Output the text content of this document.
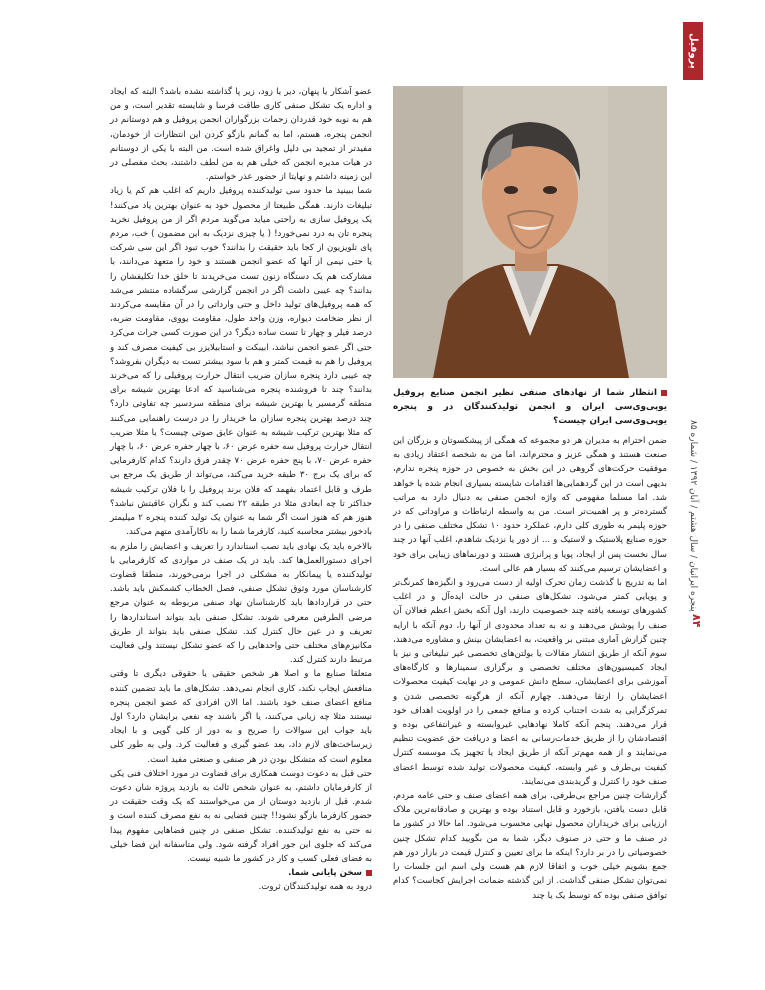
پروفیل
پنجره ایرانیان / سال هشتم / آبان ۱۳۹۲ / شماره ۸۵
۸۴

انتظار شما از نهادهای صنفی نظیر انجمن صنایع پروفیل یوپی‌وی‌سی ایران و انجمن تولیدکنندگان در و پنجره یوپی‌وی‌سی ایران چیست؟

ضمن احترام به مدیران هر دو مجموعه که همگی از پیشکسوتان و بزرگان این صنعت هستند و همگی عزیز و محترم‌اند، اما من به شخصه اعتقاد زیادی به موفقیت حرکت‌های گروهی در این بخش به خصوص در حوزه پنجره ندارم، بدیهی است در این گردهمایی‌ها اقدامات شایسته بسیاری انجام شده یا خواهد شد. اما مسلما مفهومی که واژه انجمن صنفی به دنبال دارد به مراتب گسترده‌تر و پر اهمیت‌تر است. من به واسطه ارتباطات و مراوداتی که در حوزه پلیمر به طوری کلی دارم، عملکرد حدود ۱۰ تشکل مختلف صنفی را در حوزه صنایع پلاستیک و لاستیک و ... از دور یا نزدیک شاهدم، اغلب آنها در چند سال نخست پس از ایجاد، پویا و پرانرژی هستند و دورنماهای زیبایی برای خود و اعضایشان ترسیم می‌کنند که بسیار هم عالی است.

اما به تدریج با گذشت زمان تحرک اولیه از دست می‌رود و انگیزه‌ها کمرنگ‌تر و پویایی کمتر می‌شود. تشکل‌های صنفی در حالت ایده‌آل و در اغلب کشورهای توسعه یافته چند خصوصیت دارند، اول آنکه بخش اعظم فعالان آن صنف را پوشش می‌دهند و نه به تعداد محدودی از آنها را، دوم آنکه با ارایه چنین گزارش آماری مبتنی بر واقعیت، به اعضایشان بینش و مشاوره می‌دهند، سوم آنکه از طریق انتشار مقالات یا بولتن‌های تخصصی غیر تبلیغاتی و نیز با ایجاد کمیسیون‌های مختلف تخصصی و برگزاری سمینارها و کارگاه‌های آموزشی برای اعضایشان، سطح دانش عمومی و در نهایت کیفیت محصولات اعضایشان را ارتقا می‌دهند. چهارم آنکه از هرگونه تخصصی شدن و تمرکزگرایی به شدت اجتناب کرده و منافع جمعی را در اولویت اهداف خود قرار می‌دهند. پنجم آنکه کاملا نهادهایی غیروابسته و غیرانتفاعی بوده و اقتصادشان را از طریق خدمات‌رسانی به اعضا و دریافت حق عضویت تنظیم می‌نمایند و از همه مهم‌تر آنکه از طریق ایجاد یا تجهیز یک موسسه کنترل کیفیت بی‌طرف و غیر وابسته، کیفیت محصولات تولید شده توسط اعضای صنف خود را کنترل و گریدبندی می‌نمایند.

گزارشات چنین مراجع بی‌طرفی، برای همه اعضای صنف و حتی عامه مردم، قابل دست یافتن، بازخورد و قابل استناد بوده و بهترین و صادقانه‌ترین ملاک ارزیابی برای خریداران محصول نهایی محسوب می‌شود. اما حالا در کشور ما در صنف ما و حتی در صنوف دیگر، شما به من بگویید کدام تشکل چنین خصوصیاتی را در بر دارد؟ اینکه ما برای تعیین و کنترل قیمت در بازار دور هم جمع بشویم خیلی خوب و اتفاقا لازم هم هست ولی اسم این جلسات را نمی‌توان تشکل صنفی گذاشت. از این گذشته ضمانت اجرایش کجاست؟ کدام توافق صنفی بوده که توسط یک یا چند

عضو آشکار یا پنهان، دیر یا زود، زیر پا گذاشته نشده باشد؟ البته که ایجاد و اداره یک تشکل صنفی کاری طاقت فرسا و شایسته تقدیر است، و من هم به نوبه خود قدردان زحمات بزرگواران انجمن پروفیل و هم دوستانم در انجمن پنجره، هستم، اما به گمانم بازگو کردن این انتظارات از خودمان، مفیدتر از تمجید بی دلیل واغراق شده است. من البته با یکی از دوستانم در هیات مدیره انجمن که خیلی هم به من لطف داشتند، بحث مفصلی در این زمینه داشتم و نهایتا از حضور عذر خواستم.

شما ببینید ما حدود سی تولیدکننده پروفیل داریم که اغلب هم کم یا زیاد تبلیغات دارند. همگی طبیعتا از محصول خود به عنوان بهترین یاد می‌کنند! یک پروفیل سازی به راحتی میاید می‌گوید مردم اگر از من پروفیل نخرید پنجره تان به درد نمی‌خورد! ( یا چیزی نزدیک به این مضمون ) خب، مردم پای تلویزیون از کجا باید حقیقت را بدانند؟ خوب تبود اگر این سی شرکت یا حتی نیمی از آنها که عضو انجمن هستند و خود را متعهد می‌دانند، با مشارکت هم یک دستگاه زنون تست می‌خریدند تا خلق خدا تکلیفشان را بدانند؟ چه عیبی داشت اگر در انجمن گزارشی سرگشاده منتشر می‌شد که همه پروفیل‌های تولید داخل و حتی وارداتی را در آن مقایسه می‌کردند از نظر ضخامت دیواره، وزن واحد طول، مقاومت یووی، مقاومت ضربه، درصد فیلر و چهار تا تست ساده دیگر؟ در این صورت کسی جرات می‌کرد حتی اگر عضو انجمن نباشد، ابیبکت و استابیلایزر بی کیفیت مصرف کند و پروفیل را هم به قیمت کمتر و هم با سود بیشتر تست به دیگران بفروشد؟ چه عیبی دارد پنجره سازان ضریب انتقال حرارت پروفیلی را که می‌خرند بدانند؟ چند تا فروشنده پنجره می‌شناسید که ادعا بهترین شیشه برای منطقه گرمسیر یا بهترین شیشه برای منطقه سردسیر چه تفاوتی دارد؟ چند درصد بهترین پنجره سازان ما خریدار را در درست راهنمایی می‌کنند که مثلا بهترین ترکیب شیشه به عنوان عایق صوتی چیست؟ یا مثلا ضریب انتقال حرارت پروفیل سه حفره عرض ۶۰، با چهار حفره عرض ۶۰، با چهار حفره عرض ۷۰، با پنج حفره عرض ۷۰ چقدر فرق دارند؟ کدام کارفرمایی که برای یک برج ۳۰ طبقه خرید می‌کند، می‌تواند از طریق یک مرجع بی طرف و قابل اعتماد بفهمد که فلان برند پروفیل را با فلان ترکیب شیشه حداکثر تا چه ابعادی مثلا در طبقه ۲۲ نصب کند و نگران عاقبتش نباشد؟ هنوز هم که هنوز است اگر شما به عنوان یک تولید کننده پنجره ۲ میلیمتر بادخور بیشتر محاسبه کنید، کارفرما شما را به ناکارآمدی متهم می‌کند.

بالاخره باید یک نهادی باید نصب استاندارد را تعریف و اعضایش را ملزم به اجرای دستورالعمل‌ها کند. باید در یک صنف در مواردی که کارفرمایی با تولیدکننده یا پیمانکار به مشکلی در اجرا برمی‌خورند، منطقا قضاوت کارشناسان مورد وثوق تشکل صنفی، فصل الخطاب کشمکش باید باشد. حتی در قراردادها باید کارشناسان نهاد صنفی مربوطه به عنوان مرجع مرضی الطرفین معرفی شوند. تشکل صنفی باید بتواند استانداردها را تعریف و در عین حال کنترل کند. تشکل صنفی باید بتواند از طریق مکانیزم‌های مختلف حتی واحدهایی را که عضو تشکل نیستند ولی فعالیت مرتبط دارند کنترل کند.

متعلقا صنایع ما و اصلا هر شخص حقیقی یا حقوقی دیگری تا وقتی منافعش ایجاب نکند، کاری انجام نمی‌دهد. تشکل‌های ما باید تضمین کننده منافع اعضای صنف خود باشند. اما الان افرادی که عضو انجمن پنجره نیستند مثلا چه زیانی می‌کنند، یا اگر باشند چه نفعی برایشان دارد؟ اول باید جواب این سوالات را صریح و به دور از کلی گویی و با ایجاد زیرساخت‌های لازم داد، بعد عضو گیری و فعالیت کرد. ولی به طور کلی معلوم است که متشکل بودن در هر صنفی و صنعتی مفید است.

حتی قبل به دعوت دوست همکاری برای قضاوت در مورد اختلاف فنی یکی از کارفرمایان داشتم، به عنوان شخص ثالث به بازدید پروژه شان دعوت شدم. قبل از بازدید دوستان از من می‌خواستند که یک وقت حقیقت در حضور کارفرما بازگو نشود!! چنین فضایی نه به نفع مصرف کننده است و نه حتی به نفع تولیدکننده. تشکل صنفی در چنین فضاهایی مفهوم پیدا می‌کند که جلوی این جور افراد گرفته شود. ولی متاسفانه این فضا خیلی به فضای فعلی کسب و کار در کشور ما شبیه نیست.

سخن پایانی شما.

درود به همه تولیدکنندگان ثروت.
